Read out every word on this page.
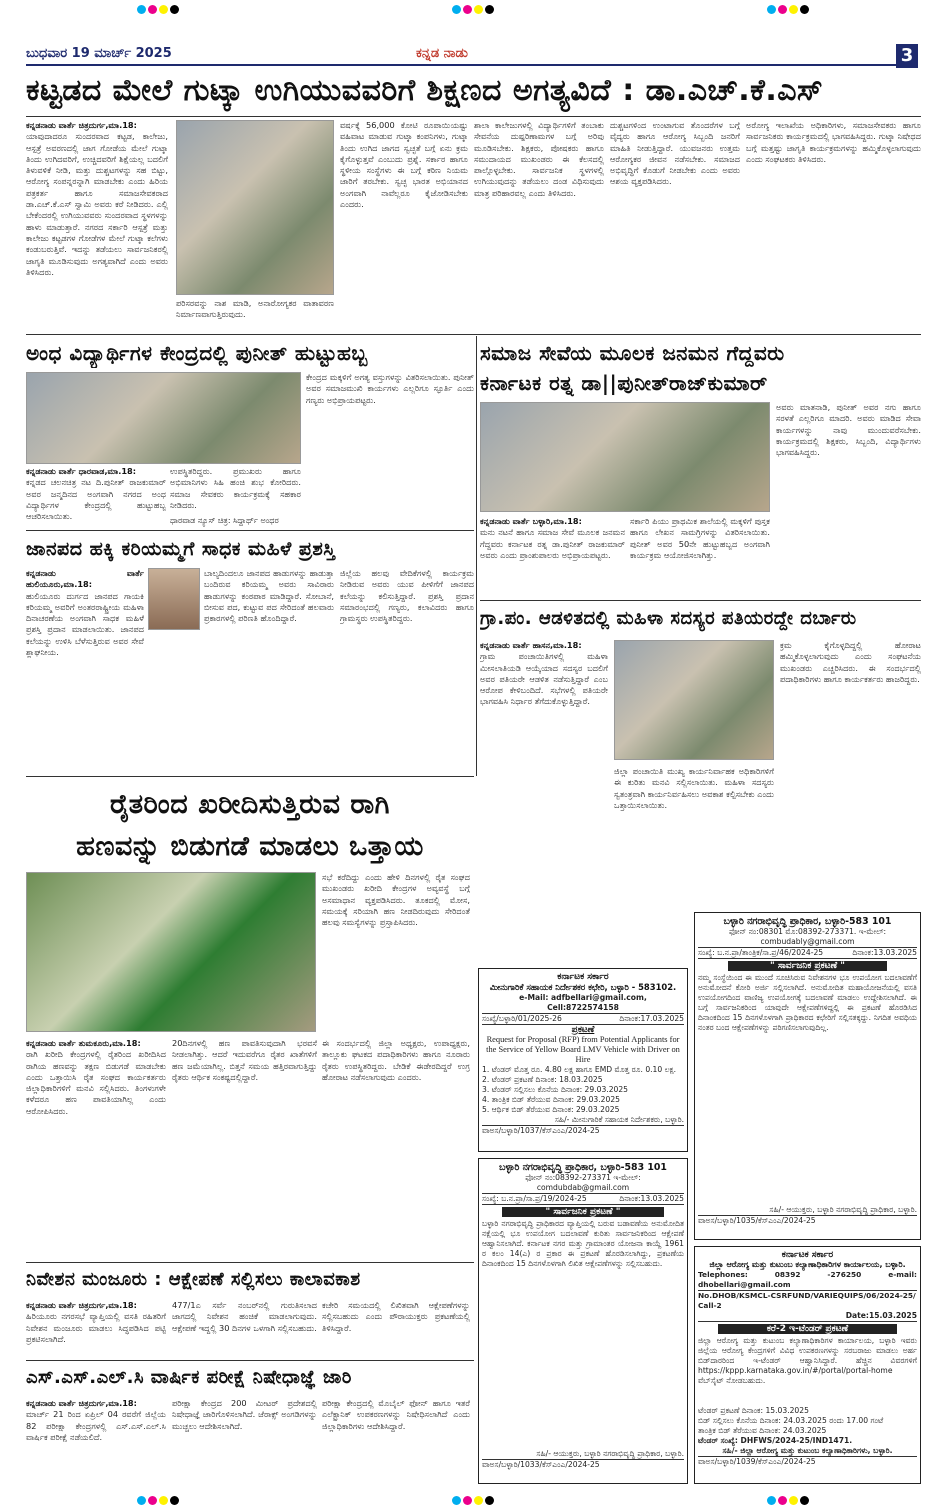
ಬುಧವಾರ 19 ಮಾರ್ಚ್ 2025	ಕನ್ನಡ ನಾಡು	3
ಕಟ್ಟಡದ ಮೇಲೆ ಗುಟ್ಕಾ ಉಗಿಯುವವರಿಗೆ ಶಿಕ್ಷಣದ ಅಗತ್ಯವಿದೆ : ಡಾ.ಎಚ್.ಕೆ.ಎಸ್
ಕನ್ನಡನಾಡು ವಾರ್ತೆ ಚಿತ್ರದುರ್ಗ,ಮಾ.18:
ಯಾವುದಾದರೂ ಸುಂದರವಾದ ಕಟ್ಟಡ, ಕಾಲೇಜು, ಆಸ್ಪತ್ರೆ ಅವರಣದಲ್ಲಿ ಜಾಗ ಗೋಡೆಯ ಮೇಲೆ ಗುಟ್ಕಾ ತಿಂದು ಉಗಿದವರಿಗೆ, ಉಚ್ಚಿದವರಿಗೆ ಶಿಕ್ಷೆಯಲ್ಲ ಬದಲಿಗೆ ತಿಳುವಳಿಕೆ ನೀಡಿ, ಮತ್ತು ದುಶ್ಚಟಗಳನ್ನು ಸಹ ಬಿಟ್ಟು, ಆರೋಗ್ಯ ಸಂಪನ್ನರನ್ನಾಗಿ ಮಾಡಬೇಕು ಎಂದು ಹಿರಿಯ ಪತ್ರಕರ್ತ ಹಾಗೂ ಸಮಾಜಸೇವಕರಾದ ಡಾ.ಎಚ್.ಕೆ.ಎಸ್ ಸ್ವಾಮಿ ಅವರು ಕರೆ ನೀಡಿದರು. ಎಲ್ಲಿ ಬೇಕೆಂದರಲ್ಲಿ ಉಗಿಯುವವರು ಸುಂದರವಾದ ಸ್ಥಳಗಳನ್ನು ಹಾಳು ಮಾಡುತ್ತಾರೆ. ನಗರದ ಸರ್ಕಾರಿ ಆಸ್ಪತ್ರೆ ಮತ್ತು ಕಾಲೇಜು ಕಟ್ಟಡಗಳ ಗೋಡೆಗಳ ಮೇಲೆ ಗುಟ್ಕಾ ಕಲೆಗಳು ಕಂಡುಬರುತ್ತಿವೆ. ಇದನ್ನು ತಡೆಯಲು ಸಾರ್ವಜನಿಕರಲ್ಲಿ ಜಾಗೃತಿ ಮೂಡಿಸುವುದು ಅಗತ್ಯವಾಗಿದೆ ಎಂದು ಅವರು ತಿಳಿಸಿದರು.
ಪರಿಸರವನ್ನು ನಾಶ ಮಾಡಿ, ಅನಾರೋಗ್ಯಕರ ವಾತಾವರಣ ನಿರ್ಮಾಣವಾಗುತ್ತಿರುವುದು.
ವರ್ಷಕ್ಕೆ 56,000 ಕೋಟಿ ರೂಪಾಯಿಯಷ್ಟು ವಹಿವಾಟ ಮಾಡುವ ಗುಟ್ಕಾ ಕಂಪನಿಗಳು, ಗುಟ್ಕಾ ತಿಂದು ಉಗಿದ ಜಾಗದ ಸ್ವಚ್ಛತೆ ಬಗ್ಗೆ ಏನು ಕ್ರಮ ಕೈಗೊಳ್ಳುತ್ತವೆ ಎಂಬುದು ಪ್ರಶ್ನೆ. ಸರ್ಕಾರ ಹಾಗೂ ಸ್ಥಳೀಯ ಸಂಸ್ಥೆಗಳು ಈ ಬಗ್ಗೆ ಕಠಿಣ ನಿಯಮ ಜಾರಿಗೆ ತರಬೇಕು. ಸ್ವಚ್ಛ ಭಾರತ ಅಭಿಯಾನದ ಅಂಗವಾಗಿ ನಾವೆಲ್ಲರೂ ಕೈಜೋಡಿಸಬೇಕು ಎಂದರು.
ಶಾಲಾ ಕಾಲೇಜುಗಳಲ್ಲಿ ವಿದ್ಯಾರ್ಥಿಗಳಿಗೆ ತಂಬಾಕು ಸೇವನೆಯ ದುಷ್ಪರಿಣಾಮಗಳ ಬಗ್ಗೆ ಅರಿವು ಮೂಡಿಸಬೇಕು. ಶಿಕ್ಷಕರು, ಪೋಷಕರು ಹಾಗೂ ಸಮುದಾಯದ ಮುಖಂಡರು ಈ ಕೆಲಸದಲ್ಲಿ ಪಾಲ್ಗೊಳ್ಳಬೇಕು. ಸಾರ್ವಜನಿಕ ಸ್ಥಳಗಳಲ್ಲಿ ಉಗಿಯುವುದನ್ನು ತಡೆಯಲು ದಂಡ ವಿಧಿಸುವುದು ಮಾತ್ರ ಪರಿಹಾರವಲ್ಲ ಎಂದು ತಿಳಿಸಿದರು.
ದುಶ್ಚಟಗಳಿಂದ ಉಂಟಾಗುವ ತೊಂದರೆಗಳ ಬಗ್ಗೆ ವೈದ್ಯರು ಹಾಗೂ ಆರೋಗ್ಯ ಸಿಬ್ಬಂದಿ ಜನರಿಗೆ ಮಾಹಿತಿ ನೀಡುತ್ತಿದ್ದಾರೆ. ಯುವಜನರು ಉತ್ತಮ ಆರೋಗ್ಯಕರ ಜೀವನ ನಡೆಸಬೇಕು. ಸಮಾಜದ ಅಭಿವೃದ್ಧಿಗೆ ಕೊಡುಗೆ ನೀಡಬೇಕು ಎಂದು ಅವರು ಆಶಯ ವ್ಯಕ್ತಪಡಿಸಿದರು.
ಅರೋಗ್ಯ ಇಲಾಖೆಯ ಅಧಿಕಾರಿಗಳು, ಸಮಾಜಸೇವಕರು ಹಾಗೂ ಸಾರ್ವಜನಿಕರು ಕಾರ್ಯಕ್ರಮದಲ್ಲಿ ಭಾಗವಹಿಸಿದ್ದರು. ಗುಟ್ಕಾ ನಿಷೇಧದ ಬಗ್ಗೆ ಮತ್ತಷ್ಟು ಜಾಗೃತಿ ಕಾರ್ಯಕ್ರಮಗಳನ್ನು ಹಮ್ಮಿಕೊಳ್ಳಲಾಗುವುದು ಎಂದು ಸಂಘಟಕರು ತಿಳಿಸಿದರು.
ಅಂಧ ವಿದ್ಯಾರ್ಥಿಗಳ ಕೇಂದ್ರದಲ್ಲಿ ಪುನೀತ್ ಹುಟ್ಟುಹಬ್ಬ
ಕೇಂದ್ರದ ಮಕ್ಕಳಿಗೆ ಅಗತ್ಯ ವಸ್ತುಗಳನ್ನು ವಿತರಿಸಲಾಯಿತು. ಪುನೀತ್ ಅವರ ಸಮಾಜಮುಖಿ ಕಾರ್ಯಗಳು ಎಲ್ಲರಿಗೂ ಸ್ಫೂರ್ತಿ ಎಂದು ಗಣ್ಯರು ಅಭಿಪ್ರಾಯಪಟ್ಟರು.
ಕನ್ನಡನಾಡು ವಾರ್ತೆ ಧಾರವಾಡ,ಮಾ.18:
ಕನ್ನಡದ ಚಲನಚಿತ್ರ ನಟ ದಿ.ಪುನೀತ್ ರಾಜಕುಮಾರ್ ಅವರ ಜನ್ಮದಿನದ ಅಂಗವಾಗಿ ನಗರದ ಅಂಧ ವಿದ್ಯಾರ್ಥಿಗಳ ಕೇಂದ್ರದಲ್ಲಿ ಹುಟ್ಟುಹಬ್ಬ ಆಚರಿಸಲಾಯಿತು.
ಉಪಸ್ಥಿತರಿದ್ದರು. ಪ್ರಮುಖರು ಹಾಗೂ ಅಭಿಮಾನಿಗಳು ಸಿಹಿ ಹಂಚಿ ಶುಭ ಕೋರಿದರು. ಸಮಾಜ ಸೇವಕರು ಕಾರ್ಯಕ್ರಮಕ್ಕೆ ಸಹಕಾರ ನೀಡಿದರು.
ಧಾರವಾಡ ನ್ಯೂಸ್ ಚಿತ್ರ: ಸಿದ್ದಾರ್ಥ್ ಅಂಧರ
ಸಮಾಜ ಸೇವೆಯ ಮೂಲಕ ಜನಮನ ಗೆದ್ದವರು
ಕರ್ನಾಟಕ ರತ್ನ ಡಾ||ಪುನೀತ್‌ರಾಜ್‌ಕುಮಾರ್
ಅವರು ಮಾತನಾಡಿ, ಪುನೀತ್ ಅವರ ನಗು ಹಾಗೂ ಸರಳತೆ ಎಲ್ಲರಿಗೂ ಮಾದರಿ. ಅವರು ಮಾಡಿದ ಸೇವಾ ಕಾರ್ಯಗಳನ್ನು ನಾವು ಮುಂದುವರೆಸಬೇಕು. ಕಾರ್ಯಕ್ರಮದಲ್ಲಿ ಶಿಕ್ಷಕರು, ಸಿಬ್ಬಂದಿ, ವಿದ್ಯಾರ್ಥಿಗಳು ಭಾಗವಹಿಸಿದ್ದರು.
ಕನ್ನಡನಾಡು ವಾರ್ತೆ ಬಳ್ಳಾರಿ,ಮಾ.18:
ಮನು ನಟನೆ ಹಾಗೂ ಸಮಾಜ ಸೇವೆ ಮೂಲಕ ಜನಮನ ಗೆದ್ದವರು ಕರ್ನಾಟಕ ರತ್ನ ಡಾ.ಪುನೀತ್ ರಾಜಕುಮಾರ್ ಅವರು ಎಂದು ಪ್ರಾಂಶುಪಾಲರು ಅಭಿಪ್ರಾಯಪಟ್ಟರು.
ಸರ್ಕಾರಿ ಪಿಯು ಪ್ರಾಥಮಿಕ ಶಾಲೆಯಲ್ಲಿ ಮಕ್ಕಳಿಗೆ ಪುಸ್ತಕ ಹಾಗೂ ಲೇಖನ ಸಾಮಗ್ರಿಗಳನ್ನು ವಿತರಿಸಲಾಯಿತು. ಪುನೀತ್ ಅವರ 50ನೇ ಹುಟ್ಟುಹಬ್ಬದ ಅಂಗವಾಗಿ ಕಾರ್ಯಕ್ರಮ ಆಯೋಜಿಸಲಾಗಿತ್ತು.
ಜಾನಪದ ಹಕ್ಕಿ ಕರಿಯಮ್ಮಗೆ ಸಾಧಕ ಮಹಿಳೆ ಪ್ರಶಸ್ತಿ
ಕನ್ನಡನಾಡು ವಾರ್ತೆ ಹುಲಿಯೂರು,ಮಾ.18:
ಹುಲಿಯೂರು ದುರ್ಗದ ಜಾನಪದ ಗಾಯಕಿ ಕರಿಯಮ್ಮ ಅವರಿಗೆ ಅಂತರರಾಷ್ಟ್ರೀಯ ಮಹಿಳಾ ದಿನಾಚರಣೆಯ ಅಂಗವಾಗಿ ಸಾಧಕ ಮಹಿಳೆ ಪ್ರಶಸ್ತಿ ಪ್ರದಾನ ಮಾಡಲಾಯಿತು. ಜಾನಪದ ಕಲೆಯನ್ನು ಉಳಿಸಿ ಬೆಳೆಸುತ್ತಿರುವ ಅವರ ಸೇವೆ ಶ್ಲಾಘನೀಯ.
ಬಾಲ್ಯದಿಂದಲೂ ಜಾನಪದ ಹಾಡುಗಳನ್ನು ಹಾಡುತ್ತಾ ಬಂದಿರುವ ಕರಿಯಮ್ಮ ಅವರು ಸಾವಿರಾರು ಹಾಡುಗಳನ್ನು ಕಂಠಪಾಠ ಮಾಡಿದ್ದಾರೆ. ಸೋಬಾನೆ, ಬೀಸುವ ಪದ, ಕುಟ್ಟುವ ಪದ ಸೇರಿದಂತೆ ಹಲವಾರು ಪ್ರಕಾರಗಳಲ್ಲಿ ಪರಿಣತಿ ಹೊಂದಿದ್ದಾರೆ.
ಜಿಲ್ಲೆಯ ಹಲವು ವೇದಿಕೆಗಳಲ್ಲಿ ಕಾರ್ಯಕ್ರಮ ನೀಡಿರುವ ಅವರು ಯುವ ಪೀಳಿಗೆಗೆ ಜಾನಪದ ಕಲೆಯನ್ನು ಕಲಿಸುತ್ತಿದ್ದಾರೆ. ಪ್ರಶಸ್ತಿ ಪ್ರದಾನ ಸಮಾರಂಭದಲ್ಲಿ ಗಣ್ಯರು, ಕಲಾವಿದರು ಹಾಗೂ ಗ್ರಾಮಸ್ಥರು ಉಪಸ್ಥಿತರಿದ್ದರು.	ಗ್ರಾ.ಪಂ. ಆಡಳಿತದಲ್ಲಿ ಮಹಿಳಾ ಸದಸ್ಯರ ಪತಿಯರದ್ದೇ ದರ್ಬಾರು
ಕನ್ನಡನಾಡು ವಾರ್ತೆ ಹಾಸನ,ಮಾ.18:
ಗ್ರಾಮ ಪಂಚಾಯಿತಿಗಳಲ್ಲಿ ಮಹಿಳಾ ಮೀಸಲಾತಿಯಡಿ ಆಯ್ಕೆಯಾದ ಸದಸ್ಯರ ಬದಲಿಗೆ ಅವರ ಪತಿಯರೇ ಆಡಳಿತ ನಡೆಸುತ್ತಿದ್ದಾರೆ ಎಂಬ ಆರೋಪ ಕೇಳಿಬಂದಿದೆ. ಸಭೆಗಳಲ್ಲಿ ಪತಿಯರೇ ಭಾಗವಹಿಸಿ ನಿರ್ಧಾರ ತೆಗೆದುಕೊಳ್ಳುತ್ತಿದ್ದಾರೆ.
ಜಿಲ್ಲಾ ಪಂಚಾಯಿತಿ ಮುಖ್ಯ ಕಾರ್ಯನಿರ್ವಾಹಕ ಅಧಿಕಾರಿಗಳಿಗೆ ಈ ಕುರಿತು ಮನವಿ ಸಲ್ಲಿಸಲಾಯಿತು. ಮಹಿಳಾ ಸದಸ್ಯರು ಸ್ವತಂತ್ರವಾಗಿ ಕಾರ್ಯನಿರ್ವಹಿಸಲು ಅವಕಾಶ ಕಲ್ಪಿಸಬೇಕು ಎಂದು ಒತ್ತಾಯಿಸಲಾಯಿತು.
ಕ್ರಮ ಕೈಗೊಳ್ಳದಿದ್ದಲ್ಲಿ ಹೋರಾಟ ಹಮ್ಮಿಕೊಳ್ಳಲಾಗುವುದು ಎಂದು ಸಂಘಟನೆಯ ಮುಖಂಡರು ಎಚ್ಚರಿಸಿದರು. ಈ ಸಂದರ್ಭದಲ್ಲಿ ಪದಾಧಿಕಾರಿಗಳು ಹಾಗೂ ಕಾರ್ಯಕರ್ತರು ಹಾಜರಿದ್ದರು.
ರೈತರಿಂದ ಖರೀದಿಸುತ್ತಿರುವ ರಾಗಿ
ಹಣವನ್ನು ಬಿಡುಗಡೆ ಮಾಡಲು ಒತ್ತಾಯ
ಸಭೆ ಕರೆದಿದ್ದು ಎಂದು ಹೇಳಿ ದಿನಗಳಲ್ಲಿ ರೈತ ಸಂಘದ ಮುಖಂಡರು ಖರೀದಿ ಕೇಂದ್ರಗಳ ಅವ್ಯವಸ್ಥೆ ಬಗ್ಗೆ ಅಸಮಾಧಾನ ವ್ಯಕ್ತಪಡಿಸಿದರು. ತೂಕದಲ್ಲಿ ಮೋಸ, ಸಮಯಕ್ಕೆ ಸರಿಯಾಗಿ ಹಣ ನೀಡದಿರುವುದು ಸೇರಿದಂತೆ ಹಲವು ಸಮಸ್ಯೆಗಳನ್ನು ಪ್ರಸ್ತಾಪಿಸಿದರು.
ಕನ್ನಡನಾಡು ವಾರ್ತೆ ತುಮಕೂರು,ಮಾ.18:
ರಾಗಿ ಖರೀದಿ ಕೇಂದ್ರಗಳಲ್ಲಿ ರೈತರಿಂದ ಖರೀದಿಸಿದ ರಾಗಿಯ ಹಣವನ್ನು ತಕ್ಷಣ ಬಿಡುಗಡೆ ಮಾಡಬೇಕು ಎಂದು ಒತ್ತಾಯಿಸಿ ರೈತ ಸಂಘದ ಕಾರ್ಯಕರ್ತರು ಜಿಲ್ಲಾಧಿಕಾರಿಗಳಿಗೆ ಮನವಿ ಸಲ್ಲಿಸಿದರು. ತಿಂಗಳುಗಳೇ ಕಳೆದರೂ ಹಣ ಪಾವತಿಯಾಗಿಲ್ಲ ಎಂದು ಆರೋಪಿಸಿದರು.
20ದಿನಗಳಲ್ಲಿ ಹಣ ಪಾವತಿಸುವುದಾಗಿ ಭರವಸೆ ನೀಡಲಾಗಿತ್ತು. ಆದರೆ ಇದುವರೆಗೂ ರೈತರ ಖಾತೆಗಳಿಗೆ ಹಣ ಜಮೆಯಾಗಿಲ್ಲ. ಬಿತ್ತನೆ ಸಮಯ ಹತ್ತಿರವಾಗುತ್ತಿದ್ದು ರೈತರು ಆರ್ಥಿಕ ಸಂಕಷ್ಟದಲ್ಲಿದ್ದಾರೆ.
ಈ ಸಂದರ್ಭದಲ್ಲಿ ಜಿಲ್ಲಾ ಅಧ್ಯಕ್ಷರು, ಉಪಾಧ್ಯಕ್ಷರು, ತಾಲ್ಲೂಕು ಘಟಕದ ಪದಾಧಿಕಾರಿಗಳು ಹಾಗೂ ನೂರಾರು ರೈತರು ಉಪಸ್ಥಿತರಿದ್ದರು. ಬೇಡಿಕೆ ಈಡೇರದಿದ್ದರೆ ಉಗ್ರ ಹೋರಾಟ ನಡೆಸಲಾಗುವುದು ಎಂದರು.
ನಿವೇಶನ ಮಂಜೂರು : ಆಕ್ಷೇಪಣೆ ಸಲ್ಲಿಸಲು ಕಾಲಾವಕಾಶ
ಕನ್ನಡನಾಡು ವಾರ್ತೆ ಚಿತ್ರದುರ್ಗ,ಮಾ.18:
ಹಿರಿಯೂರು ನಗರಸಭೆ ವ್ಯಾಪ್ತಿಯಲ್ಲಿ ವಸತಿ ರಹಿತರಿಗೆ ನಿವೇಶನ ಮಂಜೂರು ಮಾಡಲು ಸಿದ್ಧಪಡಿಸಿದ ಪಟ್ಟಿ ಪ್ರಕಟಿಸಲಾಗಿದೆ.
477/1ಎ ಸರ್ವೆ ನಂಬರ್‌ನಲ್ಲಿ ಗುರುತಿಸಲಾದ ಜಾಗದಲ್ಲಿ ನಿವೇಶನ ಹಂಚಿಕೆ ಮಾಡಲಾಗುವುದು. ಆಕ್ಷೇಪಣೆ ಇದ್ದಲ್ಲಿ 30 ದಿನಗಳ ಒಳಗಾಗಿ ಸಲ್ಲಿಸಬಹುದು.
ಕಚೇರಿ ಸಮಯದಲ್ಲಿ ಲಿಖಿತವಾಗಿ ಆಕ್ಷೇಪಣೆಗಳನ್ನು ಸಲ್ಲಿಸಬಹುದು ಎಂದು ಪೌರಾಯುಕ್ತರು ಪ್ರಕಟಣೆಯಲ್ಲಿ ತಿಳಿಸಿದ್ದಾರೆ.
ಎಸ್.ಎಸ್.ಎಲ್.ಸಿ ವಾರ್ಷಿಕ ಪರೀಕ್ಷೆ ನಿಷೇಧಾಜ್ಞೆ ಜಾರಿ
ಕನ್ನಡನಾಡು ವಾರ್ತೆ ಚಿತ್ರದುರ್ಗ,ಮಾ.18:
ಮಾರ್ಚ್ 21 ರಿಂದ ಏಪ್ರಿಲ್ 04 ರವರೆಗೆ ಜಿಲ್ಲೆಯ 82 ಪರೀಕ್ಷಾ ಕೇಂದ್ರಗಳಲ್ಲಿ ಎಸ್.ಎಸ್.ಎಲ್.ಸಿ ವಾರ್ಷಿಕ ಪರೀಕ್ಷೆ ನಡೆಯಲಿದೆ.
ಪರೀಕ್ಷಾ ಕೇಂದ್ರದ 200 ಮೀಟರ್ ಪ್ರದೇಶದಲ್ಲಿ ನಿಷೇಧಾಜ್ಞೆ ಜಾರಿಗೊಳಿಸಲಾಗಿದೆ. ಜೆರಾಕ್ಸ್ ಅಂಗಡಿಗಳನ್ನು ಮುಚ್ಚಲು ಆದೇಶಿಸಲಾಗಿದೆ.
ಪರೀಕ್ಷಾ ಕೇಂದ್ರದಲ್ಲಿ ಮೊಬೈಲ್ ಫೋನ್ ಹಾಗೂ ಇತರೆ ಎಲೆಕ್ಟ್ರಾನಿಕ್ ಉಪಕರಣಗಳನ್ನು ನಿಷೇಧಿಸಲಾಗಿದೆ ಎಂದು ಜಿಲ್ಲಾಧಿಕಾರಿಗಳು ಆದೇಶಿಸಿದ್ದಾರೆ.
ಕರ್ನಾಟಕ ಸರ್ಕಾರ
ಮೀನುಗಾರಿಕೆ ಸಹಾಯಕ ನಿರ್ದೇಶಕರ ಕಛೇರಿ, ಬಳ್ಳಾರಿ - 583102.
e-Mail: adfbellari@gmail.com, Cell:8722574158
ಸಂಖ್ಯೆ/ಬಳ್ಳಾರಿ/01/2025-26	ದಿನಾಂಕ:17.03.2025
ಪ್ರಕಟಣೆ
Request for Proposal (RFP) from Potential Applicants for the Service of Yellow Board LMV Vehicle with Driver on Hire
1. ಟೆಂಡರ್ ಮೊತ್ತ ರೂ. 4.80 ಲಕ್ಷ ಹಾಗೂ EMD ಮೊತ್ತ ರೂ. 0.10 ಲಕ್ಷ.
2. ಟೆಂಡರ್ ಪ್ರಕಟಣೆ ದಿನಾಂಕ: 18.03.2025
3. ಟೆಂಡರ್ ಸಲ್ಲಿಸಲು ಕೊನೆಯ ದಿನಾಂಕ: 29.03.2025
4. ತಾಂತ್ರಿಕ ಬಿಡ್ ತೆರೆಯುವ ದಿನಾಂಕ: 29.03.2025
5. ಆರ್ಥಿಕ ಬಿಡ್ ತೆರೆಯುವ ದಿನಾಂಕ: 29.03.2025
ಸಹಿ/- ಮೀನುಗಾರಿಕೆ ಸಹಾಯಕ ನಿರ್ದೇಶಕರು, ಬಳ್ಳಾರಿ.
ವಾಅಸ/ಬಳ್ಳಾರಿ/1037/ಕೆಸ್‌ಎಂಎ/2024-25
ಬಳ್ಳಾರಿ ನಗರಾಭಿವೃದ್ಧಿ ಪ್ರಾಧಿಕಾರ, ಬಳ್ಳಾರಿ-583 101
ಫೋನ್ ನಂ:08392-273371 ಇ-ಮೇಲ್: comdubdab@gmail.com
ಸಂಖ್ಯೆ: ಬ.ನ.ಪ್ರಾ/ಸಾ.ಪ್ರ/19/2024-25	ದಿನಾಂಕ:13.03.2025
" ಸಾರ್ವಜನಿಕ ಪ್ರಕಟಣೆ "
ಬಳ್ಳಾರಿ ನಗರಾಭಿವೃದ್ಧಿ ಪ್ರಾಧಿಕಾರದ ವ್ಯಾಪ್ತಿಯಲ್ಲಿ ಬರುವ ಬಡಾವಣೆಯ ಅನುಮೋದಿತ ನಕ್ಷೆಯಲ್ಲಿ ಭೂ ಉಪಯೋಗ ಬದಲಾವಣೆ ಕುರಿತು ಸಾರ್ವಜನಿಕರಿಂದ ಆಕ್ಷೇಪಣೆ ಆಹ್ವಾನಿಸಲಾಗಿದೆ. ಕರ್ನಾಟಕ ನಗರ ಮತ್ತು ಗ್ರಾಮಾಂತರ ಯೋಜನಾ ಕಾಯ್ದೆ 1961 ರ ಕಲಂ 14(ಎ) ರ ಪ್ರಕಾರ ಈ ಪ್ರಕಟಣೆ ಹೊರಡಿಸಲಾಗಿದ್ದು, ಪ್ರಕಟಣೆಯ ದಿನಾಂಕದಿಂದ 15 ದಿನಗಳೊಳಗಾಗಿ ಲಿಖಿತ ಆಕ್ಷೇಪಣೆಗಳನ್ನು ಸಲ್ಲಿಸಬಹುದು.
ಸಹಿ/- ಆಯುಕ್ತರು, ಬಳ್ಳಾರಿ ನಗರಾಭಿವೃದ್ಧಿ ಪ್ರಾಧಿಕಾರ, ಬಳ್ಳಾರಿ.
ವಾಅಸ/ಬಳ್ಳಾರಿ/1033/ಕೆಸ್‌ಎಂಎ/2024-25
ಬಳ್ಳಾರಿ ನಗರಾಭಿವೃದ್ಧಿ ಪ್ರಾಧಿಕಾರ, ಬಳ್ಳಾರಿ-583 101
ಫೋನ್ ನಂ:08301 ಮೊ:08392-273371. ಇ-ಮೇಲ್: combudably@gmail.com
ಸಂಖ್ಯೆ: ಬ.ನ.ಪ್ರಾ/ತಾಂತ್ರಿಕ/ಸಾ.ಪ್ರ/46/2024-25	ದಿನಾಂಕ:13.03.2025
" ಸಾರ್ವಜನಿಕ ಪ್ರಕಟಣೆ "
ನಮ್ಮ ಸಂಸ್ಥೆಯಿಂದ ಈ ಮುಂದೆ ಸೂಚಿಸಿರುವ ನಿವೇಶನಗಳ ಭೂ ಉಪಯೋಗ ಬದಲಾವಣೆಗೆ ಅನುಮೋದನೆ ಕೋರಿ ಅರ್ಜಿ ಸಲ್ಲಿಸಲಾಗಿದೆ. ಅನುಮೋದಿತ ಮಹಾಯೋಜನೆಯಲ್ಲಿ ವಸತಿ ಉಪಯೋಗದಿಂದ ವಾಣಿಜ್ಯ ಉಪಯೋಗಕ್ಕೆ ಬದಲಾವಣೆ ಮಾಡಲು ಉದ್ದೇಶಿಸಲಾಗಿದೆ. ಈ ಬಗ್ಗೆ ಸಾರ್ವಜನಿಕರಿಂದ ಯಾವುದೇ ಆಕ್ಷೇಪಣೆಗಳಿದ್ದಲ್ಲಿ ಈ ಪ್ರಕಟಣೆ ಹೊರಡಿಸಿದ ದಿನಾಂಕದಿಂದ 15 ದಿನಗಳೊಳಗಾಗಿ ಪ್ರಾಧಿಕಾರದ ಕಛೇರಿಗೆ ಸಲ್ಲಿಸತಕ್ಕದ್ದು. ನಿಗದಿತ ಅವಧಿಯ ನಂತರ ಬಂದ ಆಕ್ಷೇಪಣೆಗಳನ್ನು ಪರಿಗಣಿಸಲಾಗುವುದಿಲ್ಲ.
ಸಹಿ/- ಆಯುಕ್ತರು, ಬಳ್ಳಾರಿ ನಗರಾಭಿವೃದ್ಧಿ ಪ್ರಾಧಿಕಾರ, ಬಳ್ಳಾರಿ.
ವಾಅಸ/ಬಳ್ಳಾರಿ/1035/ಕೆಸ್‌ಎಂಎ/2024-25
ಕರ್ನಾಟಕ ಸರ್ಕಾರ
ಜಿಲ್ಲಾ ಆರೋಗ್ಯ ಮತ್ತು ಕುಟುಂಬ ಕಲ್ಯಾಣಾಧಿಕಾರಿಗಳ ಕಾರ್ಯಾಲಯ, ಬಳ್ಳಾರಿ.
Telephones: 08392 -276250 e-mail: dhobellari@gmail.com
No.DHOB/KSMCL-CSRFUND/VARIEQUIPS/06/2024-25/ Call-2
Date:15.03.2025
ಕರೆ-2 ಇ-ಟೆಂಡರ್ ಪ್ರಕಟಣೆ
ಜಿಲ್ಲಾ ಆರೋಗ್ಯ ಮತ್ತು ಕುಟುಂಬ ಕಲ್ಯಾಣಾಧಿಕಾರಿಗಳ ಕಾರ್ಯಾಲಯ, ಬಳ್ಳಾರಿ ಇವರು ಜಿಲ್ಲೆಯ ಆರೋಗ್ಯ ಕೇಂದ್ರಗಳಿಗೆ ವಿವಿಧ ಉಪಕರಣಗಳನ್ನು ಸರಬರಾಜು ಮಾಡಲು ಅರ್ಹ ಬಿಡ್‌ದಾರರಿಂದ ಇ-ಟೆಂಡರ್ ಆಹ್ವಾನಿಸಿದ್ದಾರೆ. ಹೆಚ್ಚಿನ ವಿವರಗಳಿಗೆ https://kppp.karnataka.gov.in/#/portal/portal-home ವೆಬ್‌ಸೈಟ್ ನೋಡಬಹುದು.
ಟೆಂಡರ್ ಪ್ರಕಟಣೆ ದಿನಾಂಕ: 15.03.2025
ಬಿಡ್ ಸಲ್ಲಿಸಲು ಕೊನೆಯ ದಿನಾಂಕ: 24.03.2025 ರಂದು 17.00 ಗಂಟೆ
ತಾಂತ್ರಿಕ ಬಿಡ್ ತೆರೆಯುವ ದಿನಾಂಕ: 24.03.2025
ಟೆಂಡರ್ ಸಂಖ್ಯೆ: DHFWS/2024-25/IND1471.
ಸಹಿ/- ಜಿಲ್ಲಾ ಆರೋಗ್ಯ ಮತ್ತು ಕುಟುಂಬ ಕಲ್ಯಾಣಾಧಿಕಾರಿಗಳು, ಬಳ್ಳಾರಿ.
ವಾಅಸ/ಬಳ್ಳಾರಿ/1039/ಕೆಸ್‌ಎಂಎ/2024-25
